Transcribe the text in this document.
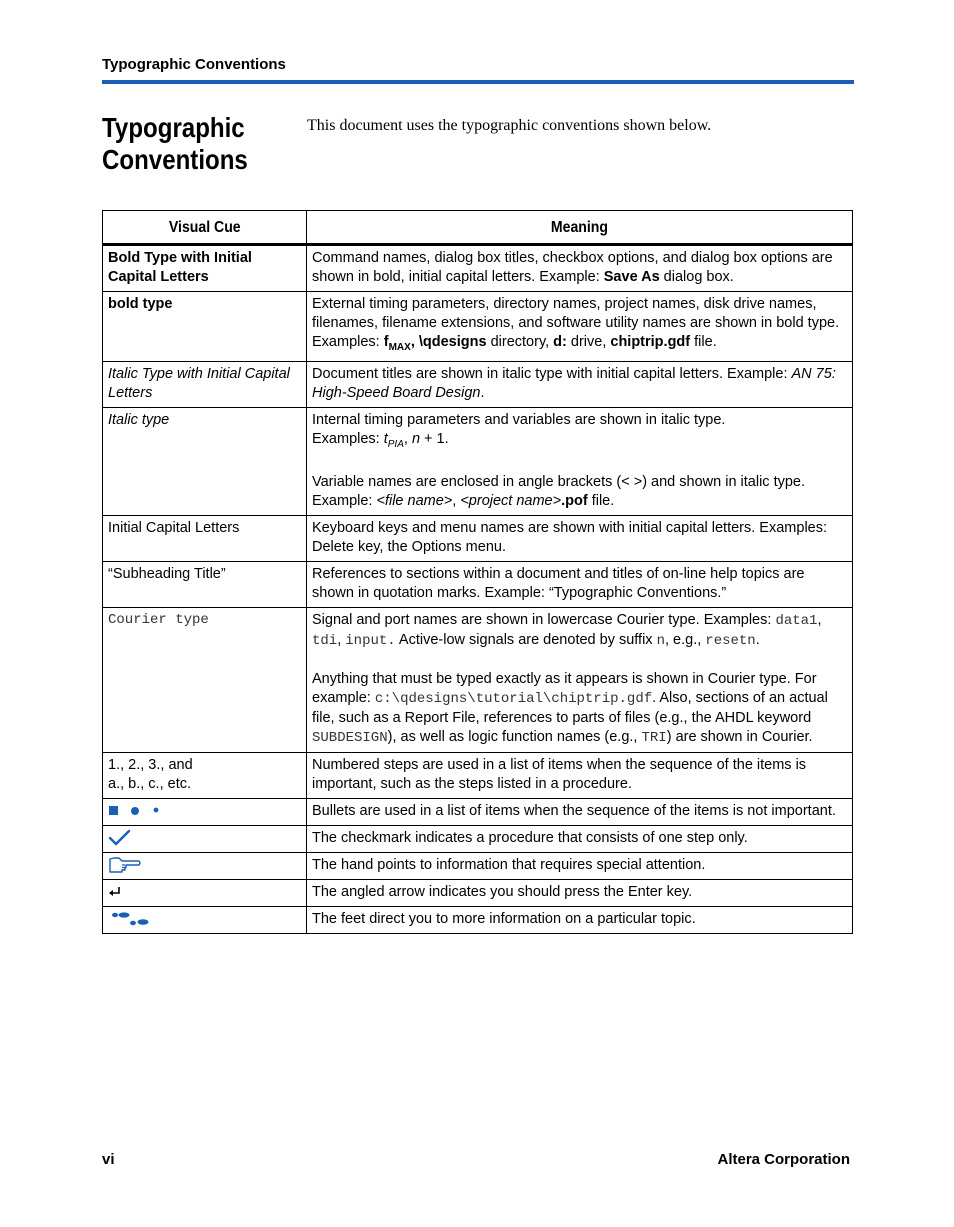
Typographic Conventions
Typographic
Conventions
This document uses the typographic conventions shown below.
Visual Cue	Meaning
Bold Type with Initial Capital Letters	Command names, dialog box titles, checkbox options, and dialog box options are shown in bold, initial capital letters. Example: Save As dialog box.
bold type	External timing parameters, directory names, project names, disk drive names, filenames, filename extensions, and software utility names are shown in bold type. Examples: $f_{MAX}$, \qdesigns directory, d: drive, chiptrip.gdf file.
Italic Type with Initial Capital Letters	Document titles are shown in italic type with initial capital letters. Example: AN 75: High-Speed Board Design.
Italic type	Internal timing parameters and variables are shown in italic type.
Examples: $t_{PIA}$, n + 1.
Variable names are enclosed in angle brackets (< >) and shown in italic type. Example: <file name>, <project name>.pof file.
Initial Capital Letters	Keyboard keys and menu names are shown with initial capital letters. Examples: Delete key, the Options menu.
“Subheading Title”	References to sections within a document and titles of on-line help topics are shown in quotation marks. Example: “Typographic Conventions.”
Courier type	Signal and port names are shown in lowercase Courier type. Examples: data1, tdi, input. Active-low signals are denoted by suffix n, e.g., resetn.
Anything that must be typed exactly as it appears is shown in Courier type. For example: c:\qdesigns\tutorial\chiptrip.gdf. Also, sections of an actual file, such as a Report File, references to parts of files (e.g., the AHDL keyword SUBDESIGN), as well as logic function names (e.g., TRI) are shown in Courier.
1., 2., 3., and
a., b., c., etc.	Numbered steps are used in a list of items when the sequence of the items is important, such as the steps listed in a procedure.
	Bullets are used in a list of items when the sequence of the items is not important.
	The checkmark indicates a procedure that consists of one step only.
	The hand points to information that requires special attention.
	The angled arrow indicates you should press the Enter key.
	The feet direct you to more information on a particular topic.
vi	Altera Corporation
